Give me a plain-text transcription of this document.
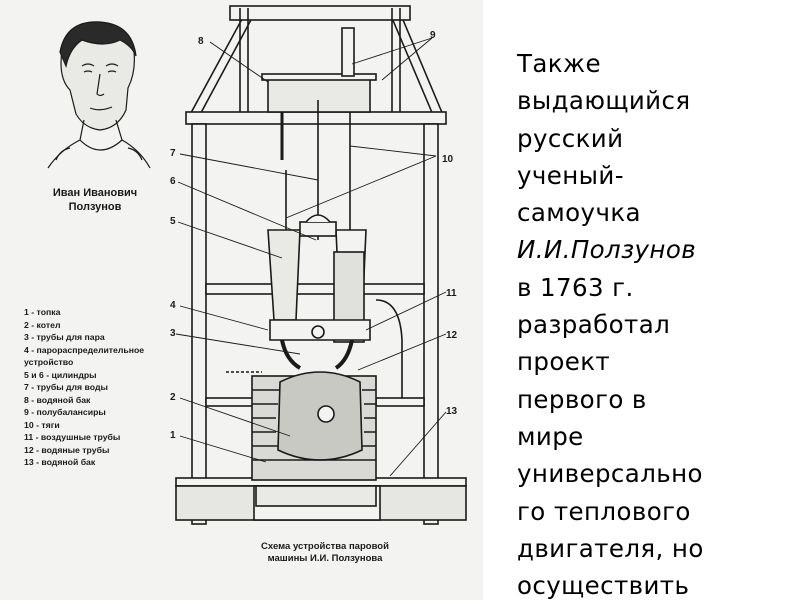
8
9
7
10
6
5
11
4
3	12
2
1
13
Иван Иванович
Ползунов
1 - топка
2 - котел
3 - трубы для пара
4 - парораспределительное
устройство
5 и 6 - цилиндры
7 - трубы для воды
8 - водяной бак
9 - полубалансиры
10 - тяги
11 - воздушные трубы
12 - водяные трубы
13 - водяной бак
Схема устройства паровой
машины И.И. Ползунова
Также
выдающийся
русский
ученый-
самоучка
И.И.Ползунов
в 1763 г.
разработал
проект
первого в
мире
универсально
го теплового
двигателя, но
осуществить
